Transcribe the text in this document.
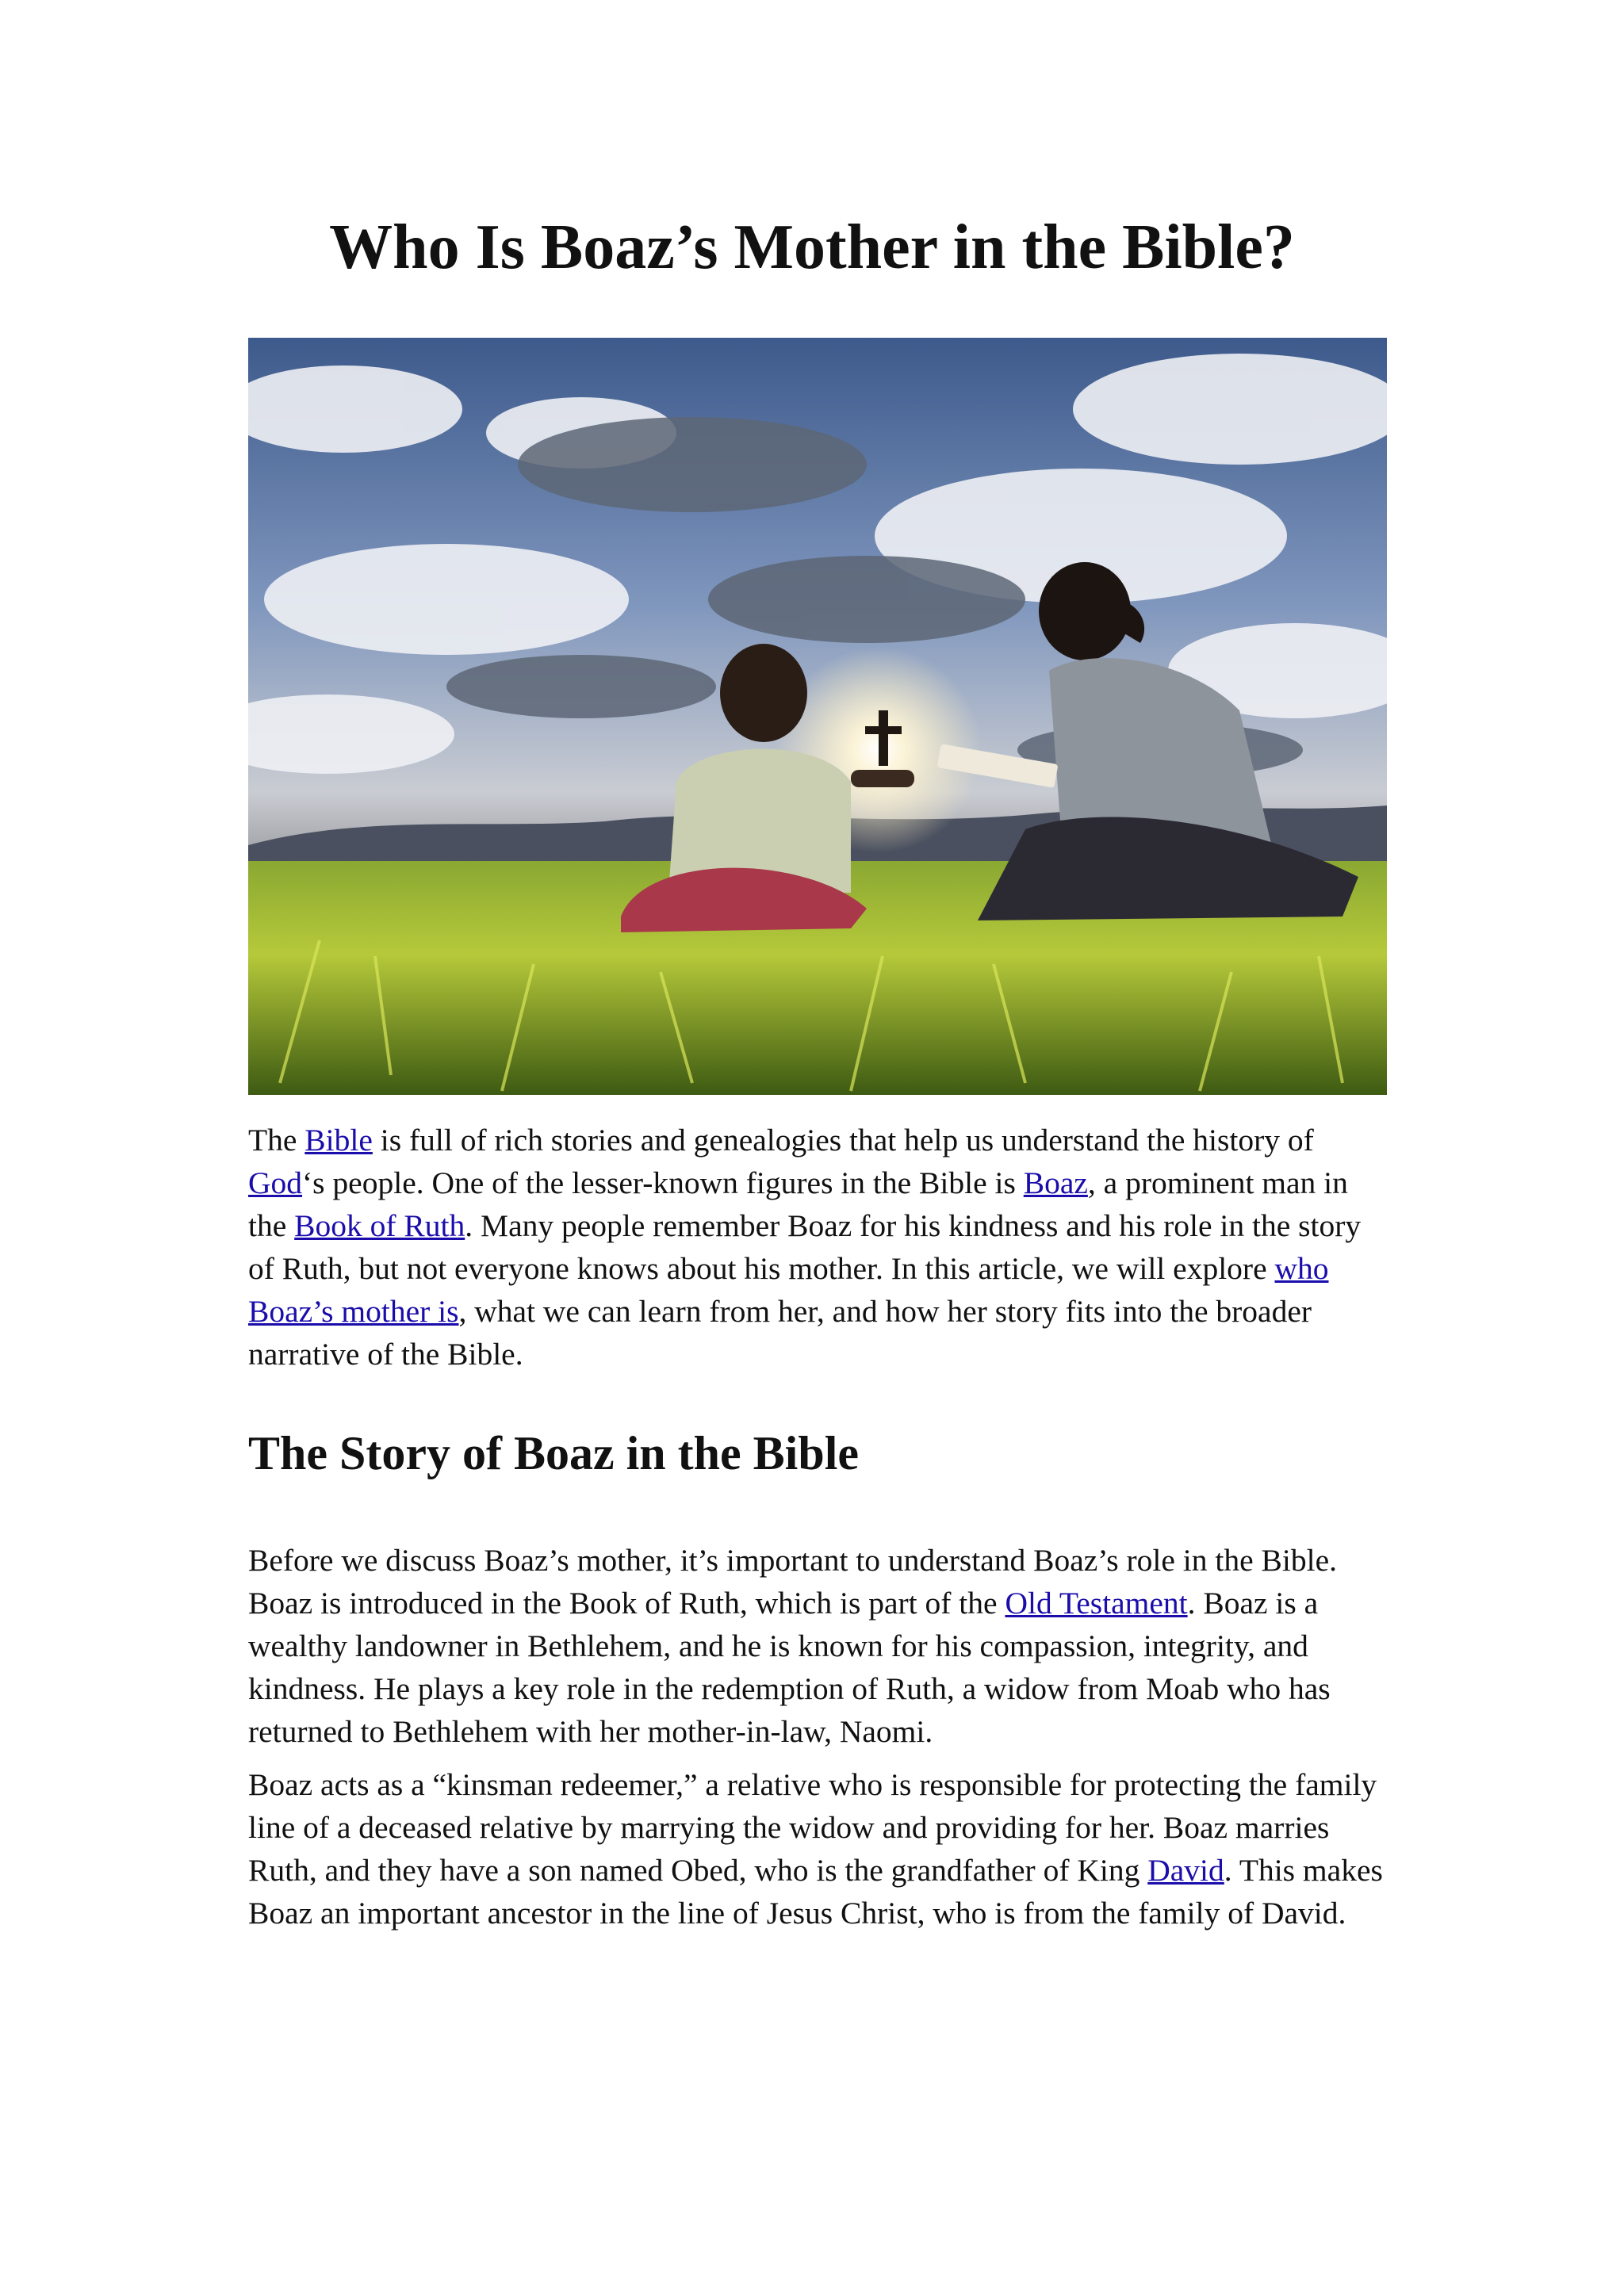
Who Is Boaz’s Mother in the Bible?

The Bible is full of rich stories and genealogies that help us understand the history of God‘s people. One of the lesser-known figures in the Bible is Boaz, a prominent man in the Book of Ruth. Many people remember Boaz for his kindness and his role in the story of Ruth, but not everyone knows about his mother. In this article, we will explore who Boaz’s mother is, what we can learn from her, and how her story fits into the broader narrative of the Bible.

The Story of Boaz in the Bible

Before we discuss Boaz’s mother, it’s important to understand Boaz’s role in the Bible. Boaz is introduced in the Book of Ruth, which is part of the Old Testament. Boaz is a wealthy landowner in Bethlehem, and he is known for his compassion, integrity, and kindness. He plays a key role in the redemption of Ruth, a widow from Moab who has returned to Bethlehem with her mother-in-law, Naomi.

Boaz acts as a “kinsman redeemer,” a relative who is responsible for protecting the family line of a deceased relative by marrying the widow and providing for her. Boaz marries Ruth, and they have a son named Obed, who is the grandfather of King David. This makes Boaz an important ancestor in the line of Jesus Christ, who is from the family of David.
